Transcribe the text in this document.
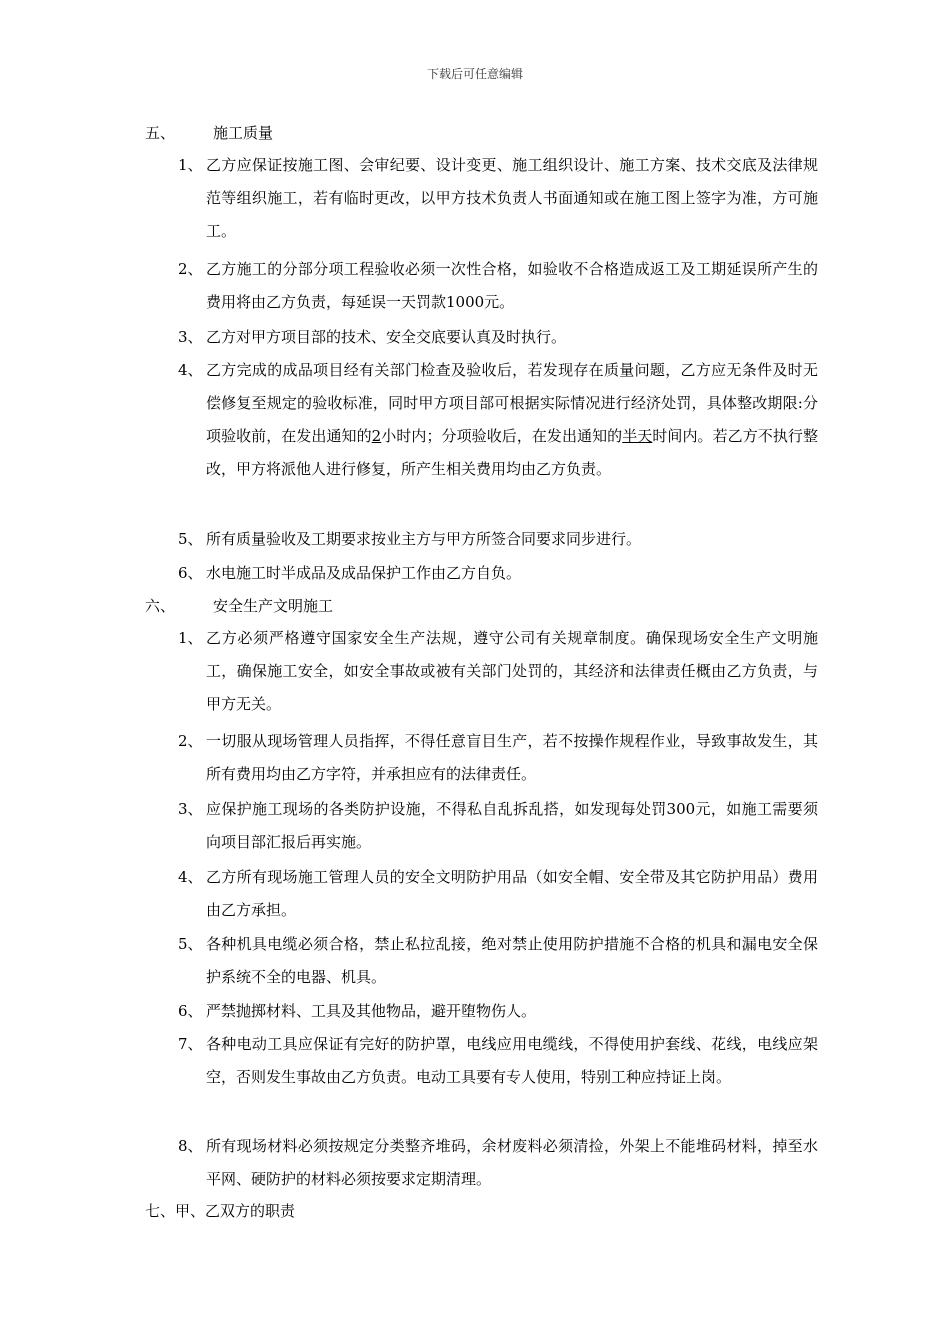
下载后可任意编辑
五、	施工质量
1、 乙方应保证按施工图、会审纪要、设计变更、施工组织设计、施工方案、技术交底及法律规范等组织施工，若有临时更改，以甲方技术负责人书面通知或在施工图上签字为准，方可施工。
2、 乙方施工的分部分项工程验收必须一次性合格，如验收不合格造成返工及工期延误所产生的费用将由乙方负责，每延误一天罚款1000元。
3、 乙方对甲方项目部的技术、安全交底要认真及时执行。
4、 乙方完成的成品项目经有关部门检查及验收后，若发现存在质量问题，乙方应无条件及时无偿修复至规定的验收标准，同时甲方项目部可根据实际情况进行经济处罚，具体整改期限:分项验收前，在发出通知的2小时内；分项验收后，在发出通知的半天时间内。若乙方不执行整改，甲方将派他人进行修复，所产生相关费用均由乙方负责。
5、 所有质量验收及工期要求按业主方与甲方所签合同要求同步进行。
6、 水电施工时半成品及成品保护工作由乙方自负。
六、	安全生产文明施工
1、 乙方必须严格遵守国家安全生产法规，遵守公司有关规章制度。确保现场安全生产文明施工，确保施工安全，如安全事故或被有关部门处罚的，其经济和法律责任概由乙方负责，与甲方无关。
2、 一切服从现场管理人员指挥，不得任意盲目生产，若不按操作规程作业，导致事故发生，其所有费用均由乙方字符，并承担应有的法律责任。
3、 应保护施工现场的各类防护设施，不得私自乱拆乱搭，如发现每处罚300元，如施工需要须向项目部汇报后再实施。
4、 乙方所有现场施工管理人员的安全文明防护用品（如安全帽、安全带及其它防护用品）费用由乙方承担。
5、 各种机具电缆必须合格，禁止私拉乱接，绝对禁止使用防护措施不合格的机具和漏电安全保护系统不全的电器、机具。
6、 严禁抛掷材料、工具及其他物品，避开堕物伤人。
7、 各种电动工具应保证有完好的防护罩，电线应用电缆线，不得使用护套线、花线，电线应架空，否则发生事故由乙方负责。电动工具要有专人使用，特别工种应持证上岗。
8、 所有现场材料必须按规定分类整齐堆码，余材废料必须清捡，外架上不能堆码材料，掉至水平网、硬防护的材料必须按要求定期清理。
七、甲、乙双方的职责
